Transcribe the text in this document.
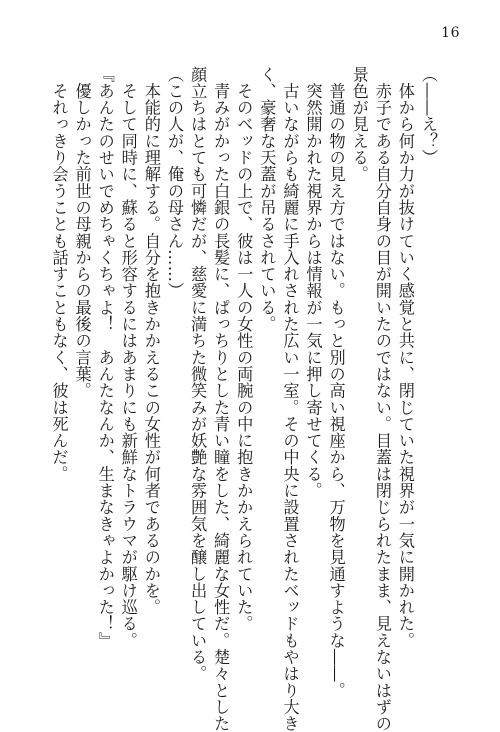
16
（――え？）
　体から何か力が抜けていく感覚と共に、閉じていた視界が一気に開かれた。
　赤子である自分自身の目が開いたのではない。目蓋は閉じられたまま、見えないはずの
景色が見える。
　普通の物の見え方ではない。もっと別の高い視座から、万物を見通すような――。
　突然開かれた視界からは情報が一気に押し寄せてくる。
　古いながらも綺麗に手入れされた広い一室。その中央に設置されたベッドもやはり大き
く、豪奢な天蓋が吊るされている。
　そのベッドの上で、彼は一人の女性の両腕の中に抱きかかえられていた。
　青みがかった白銀の長髪に、ぱっちりとした青い瞳をした、綺麗な女性だ。楚々とした
顔立ちはとても可憐だが、慈愛に満ちた微笑みが妖艶な雰囲気を醸し出している。
（この人が、俺の母さん……）
　本能的に理解する。自分を抱きかかえるこの女性が何者であるのかを。
　そして同時に、蘇ると形容するにはあまりにも新鮮なトラウマが駆け巡る。
『あんたのせいでめちゃくちゃよ！　あんたなんか、生まなきゃよかった！』
　優しかった前世の母親からの最後の言葉。
　それっきり会うことも話すこともなく、彼は死んだ。
